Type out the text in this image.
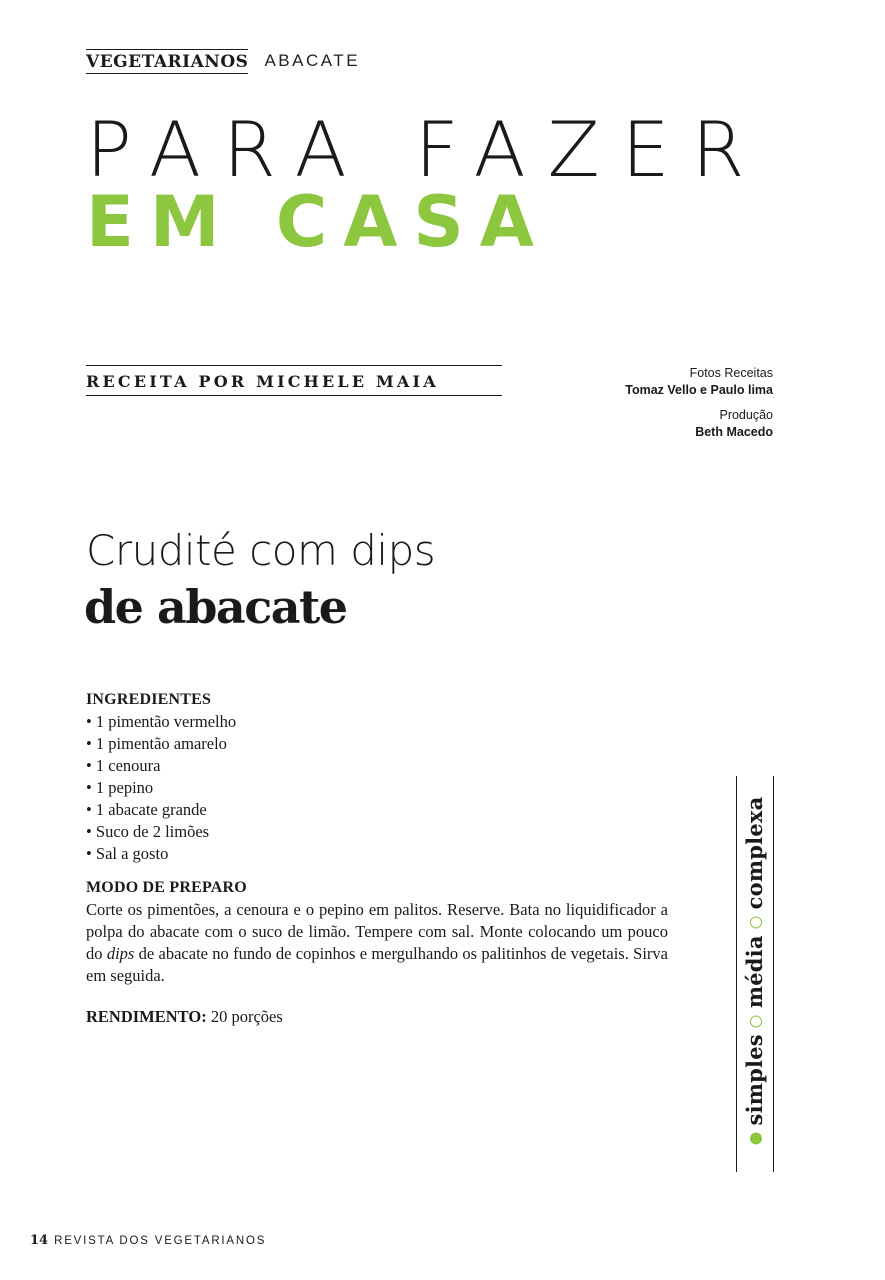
VEGETARIANOS ABACATE
PARA FAZER
EM CASA
RECEITA POR MICHELE MAIA	Fotos Receitas
Tomaz Vello e Paulo lima
Produção
Beth Macedo
Crudité com dips
de abacate
INGREDIENTES
• 1 pimentão vermelho
• 1 pimentão amarelo
• 1 cenoura
• 1 pepino
• 1 abacate grande
• Suco de 2 limões
• Sal a gosto
MODO DE PREPARO

Corte os pimentões, a cenoura e o pepino em palitos. Reserve. Bata no liquidificador a polpa do abacate com o suco de limão. Tempere com sal. Monte colocando um pouco do dips de abacate no fundo de copinhos e mergulhando os palitinhos de vegetais. Sirva em seguida.

RENDIMENTO: 20 porções
simples
média
complexa
14 REVISTA DOS VEGETARIANOS
